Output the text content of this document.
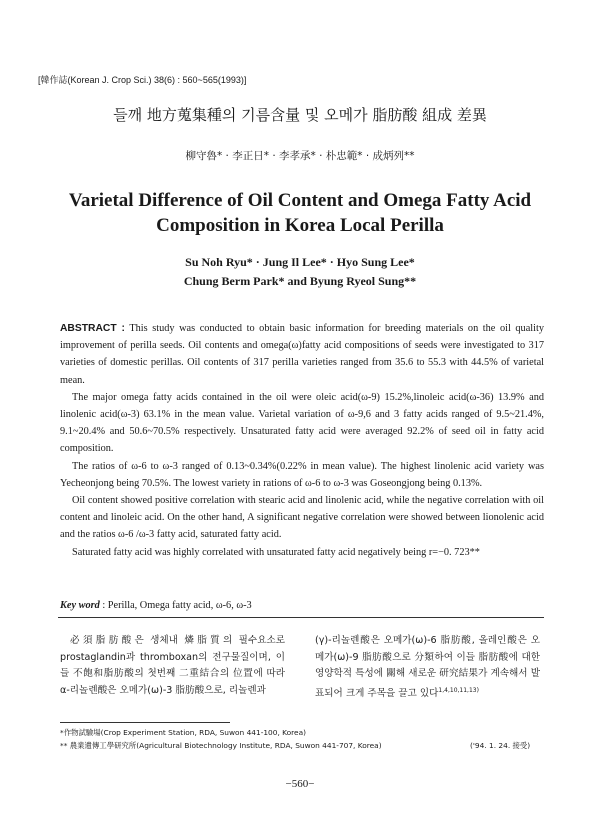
[韓作誌(Korean J. Crop Sci.) 38(6) : 560~565(1993)]
들깨 地方蒐集種의 기름含量 및 오메가 脂肪酸 組成 差異
柳守魯* · 李正日* · 李孝承* · 朴忠範* · 成炳列**
Varietal Difference of Oil Content and Omega Fatty Acid
Composition in Korea Local Perilla
Su Noh Ryu* · Jung Il Lee* · Hyo Sung Lee*
Chung Berm Park* and Byung Ryeol Sung**

ABSTRACT : This study was conducted to obtain basic information for breeding materials on the oil quality improvement of perilla seeds. Oil contents and omega(ω)fatty acid compositions of seeds were investigated to 317 varieties of domestic perillas. Oil contents of 317 perilla varieties ranged from 35.6 to 55.3 with 44.5% of varietal mean.

The major omega fatty acids contained in the oil were oleic acid(ω-9) 15.2%,linoleic acid(ω-36) 13.9% and linolenic acid(ω-3) 63.1% in the mean value. Varietal variation of ω-9,6 and 3 fatty acids ranged of 9.5~21.4%, 9.1~20.4% and 50.6~70.5% respectively. Unsaturated fatty acid were averaged 92.2% of seed oil in fatty acid composition.

The ratios of ω-6 to ω-3 ranged of 0.13~0.34%(0.22% in mean value). The highest linolenic acid variety was Yecheonjong being 70.5%. The lowest variety in rations of ω-6 to ω-3 was Goseongjong being 0.13%.

Oil content showed positive correlation with stearic acid and linolenic acid, while the negative correlation with oil content and linoleic acid. On the other hand, A significant negative correlation were showed between lionolenic acid and the ratios ω-6 /ω-3 fatty acid, saturated fatty acid.

Saturated fatty acid was highly correlated with unsaturated fatty acid negatively being r=−0. 723**

Key word : Perilla, Omega fatty acid, ω-6, ω-3

必須脂肪酸은 생체내 燐脂質의 필수요소로 prostaglandin과 thromboxan의 전구물질이며, 이들 不飽和脂肪酸의 첫번째 二重結合의 位置에 따라 α-리놀렌酸은 오메가(ω)-3 脂肪酸으로, 리놀렌과

(γ)-리놀렌酸은 오메가(ω)-6 脂肪酸, 올레인酸은 오메가(ω)-9 脂肪酸으로 分類하여 이들 脂肪酸에 대한 영양학적 특성에 關해 새로운 研究結果가 계속해서 발표되어 크게 주목을 끌고 있다$^{1,4,10,11,13)}$

*作物試驗場(Crop Experiment Station, RDA, Suwon 441-100, Korea)
** 農業遺傳工學研究所(Agricultural Biotechnology Institute, RDA, Suwon 441-707, Korea)	('94. 1. 24. 接受)
−560−
